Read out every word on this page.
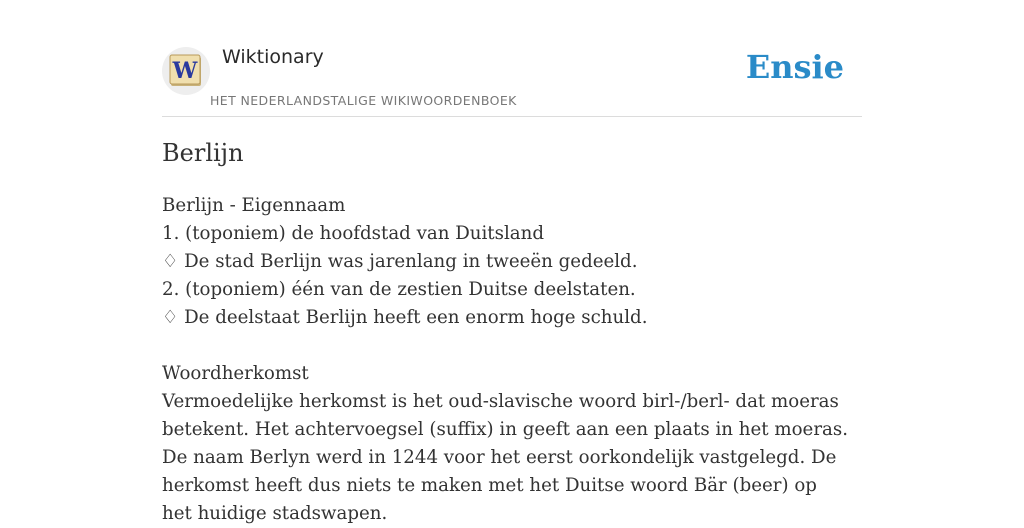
W
Wiktionary
HET NEDERLANDSTALIGE WIKIWOORDENBOEK
Ensie
Berlijn
Berlijn - Eigennaam
1. (toponiem) de hoofdstad van Duitsland
♢ De stad Berlijn was jarenlang in tweeën gedeeld.
2. (toponiem) één van de zestien Duitse deelstaten.
♢ De deelstaat Berlijn heeft een enorm hoge schuld.
Woordherkomst
Vermoedelijke herkomst is het oud-slavische woord birl-/berl- dat moeras betekent. Het achtervoegsel (suffix) in geeft aan een plaats in het moeras. De naam Berlyn werd in 1244 voor het eerst oorkondelijk vastgelegd. De herkomst heeft dus niets te maken met het Duitse woord Bär (beer) op het huidige stadswapen.
